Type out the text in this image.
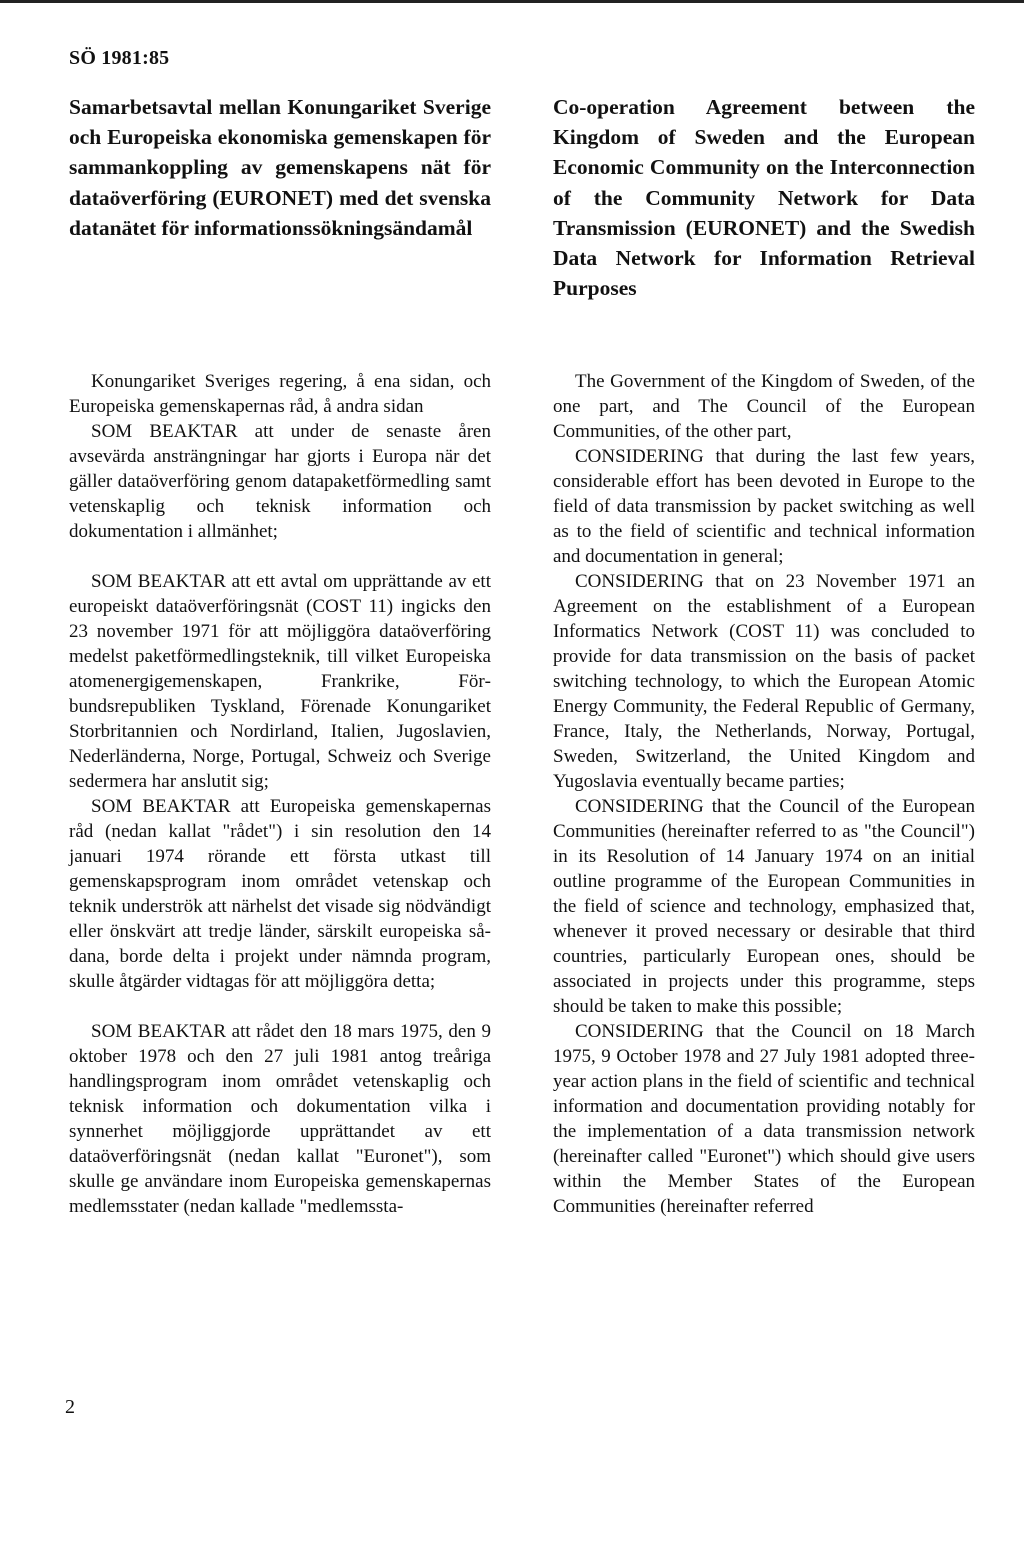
SÖ 1981:85
Samarbetsavtal mellan Konungariket Sverige och Europeiska ekonomiska gemenskapen för sammankoppling av gemenskapens nät för dataöverföring (EURONET) med det svenska datanätet för informationssökningsändamål
Co-operation Agreement between the Kingdom of Sweden and the European Economic Community on the Interconnection of the Community Network for Data Transmission (EURONET) and the Swedish Data Network for Information Retrieval Purposes

Konungariket Sveriges regering, å ena sidan, och Europeiska gemenskapernas råd, å andra sidan

SOM BEAKTAR att under de senaste åren avsevärda ansträngningar har gjorts i Europa när det gäller dataöverföring genom datapaketförmedling samt vetenskaplig och teknisk information och dokumentation i allmänhet;

SOM BEAKTAR att ett avtal om upprättande av ett europeiskt dataöverföringsnät (COST 11) ingicks den 23 november 1971 för att möjliggöra dataöverföring medelst paketförmedlingsteknik, till vilket Europeiska atomenergigemenskapen, Frankrike, Förbundsrepubliken Tyskland, Förenade Konungariket Storbritannien och Nordirland, Italien, Jugoslavien, Nederländerna, Norge, Portugal, Schweiz och Sverige sedermera har anslutit sig;

SOM BEAKTAR att Europeiska gemenskapernas råd (nedan kallat "rådet") i sin resolution den 14 januari 1974 rörande ett första utkast till gemenskapsprogram inom området vetenskap och teknik underströk att närhelst det visade sig nödvändigt eller önskvärt att tredje länder, särskilt europeiska sådana, borde delta i projekt under nämnda program, skulle åtgärder vidtagas för att möjliggöra detta;

SOM BEAKTAR att rådet den 18 mars 1975, den 9 oktober 1978 och den 27 juli 1981 antog treåriga handlingsprogram inom området vetenskaplig och teknisk information och dokumentation vilka i synnerhet möjliggjorde upprättandet av ett dataöverföringsnät (nedan kallat "Euronet"), som skulle ge användare inom Europeiska gemenskapernas medlemsstater (nedan kallade "medlemssta-

The Government of the Kingdom of Sweden, of the one part, and The Council of the European Communities, of the other part,

CONSIDERING that during the last few years, considerable effort has been devoted in Europe to the field of data transmission by packet switching as well as to the field of scientific and technical information and documentation in general;

CONSIDERING that on 23 November 1971 an Agreement on the establishment of a European Informatics Network (COST 11) was concluded to provide for data transmission on the basis of packet switching technology, to which the European Atomic Energy Community, the Federal Republic of Germany, France, Italy, the Netherlands, Norway, Portugal, Sweden, Switzerland, the United Kingdom and Yugoslavia eventually became parties;

CONSIDERING that the Council of the European Communities (hereinafter referred to as "the Council") in its Resolution of 14 January 1974 on an initial outline programme of the European Communities in the field of science and technology, emphasized that, whenever it proved necessary or desirable that third countries, particularly European ones, should be associated in projects under this programme, steps should be taken to make this possible;

CONSIDERING that the Council on 18 March 1975, 9 October 1978 and 27 July 1981 adopted three-year action plans in the field of scientific and technical information and documentation providing notably for the implementation of a data transmission network (hereinafter called "Euronet") which should give users within the Member States of the European Communities (hereinafter referred

2
